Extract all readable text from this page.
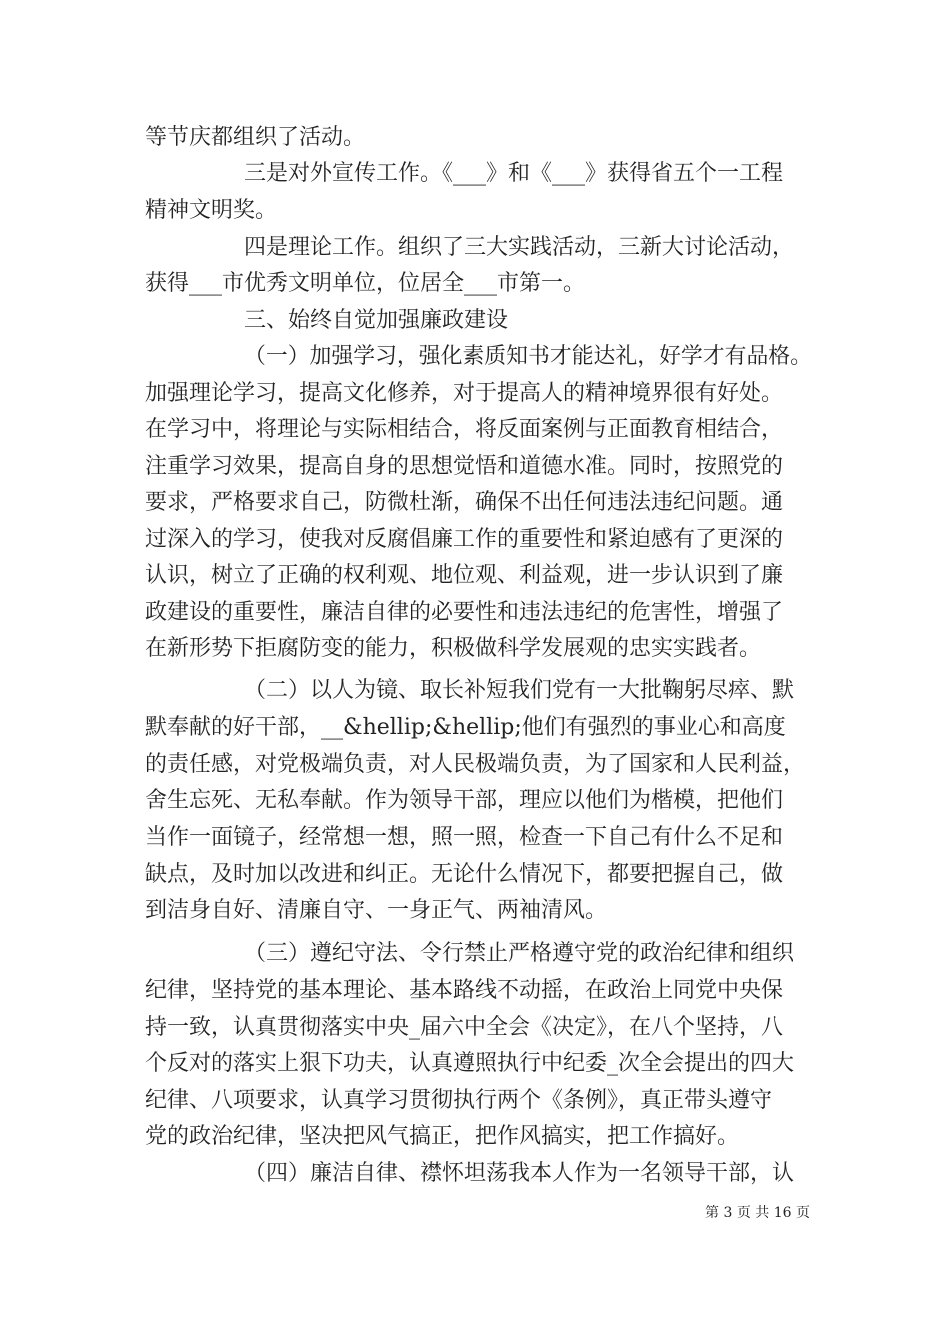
等节庆都组织了活动。
三是对外宣传工作。《___》和《___》获得省五个一工程
精神文明奖。
四是理论工作。组织了三大实践活动，三新大讨论活动，
获得___市优秀文明单位，位居全___市第一。
三、始终自觉加强廉政建设
（一）加强学习，强化素质知书才能达礼，好学才有品格。
加强理论学习，提高文化修养，对于提高人的精神境界很有好处。
在学习中，将理论与实际相结合，将反面案例与正面教育相结合，
注重学习效果，提高自身的思想觉悟和道德水准。同时，按照党的
要求，严格要求自己，防微杜渐，确保不出任何违法违纪问题。通
过深入的学习，使我对反腐倡廉工作的重要性和紧迫感有了更深的
认识，树立了正确的权利观、地位观、利益观，进一步认识到了廉
政建设的重要性，廉洁自律的必要性和违法违纪的危害性，增强了
在新形势下拒腐防变的能力，积极做科学发展观的忠实实践者。
（二）以人为镜、取长补短我们党有一大批鞠躬尽瘁、默
默奉献的好干部，__&hellip;&hellip;他们有强烈的事业心和高度
的责任感，对党极端负责，对人民极端负责，为了国家和人民利益，
舍生忘死、无私奉献。作为领导干部，理应以他们为楷模，把他们
当作一面镜子，经常想一想，照一照，检查一下自己有什么不足和
缺点，及时加以改进和纠正。无论什么情况下，都要把握自己，做
到洁身自好、清廉自守、一身正气、两袖清风。
（三）遵纪守法、令行禁止严格遵守党的政治纪律和组织
纪律，坚持党的基本理论、基本路线不动摇，在政治上同党中央保
持一致，认真贯彻落实中央_届六中全会《决定》，在八个坚持，八
个反对的落实上狠下功夫，认真遵照执行中纪委_次全会提出的四大
纪律、八项要求，认真学习贯彻执行两个《条例》，真正带头遵守
党的政治纪律，坚决把风气搞正，把作风搞实，把工作搞好。
（四）廉洁自律、襟怀坦荡我本人作为一名领导干部，认
第 3 页 共 16 页
